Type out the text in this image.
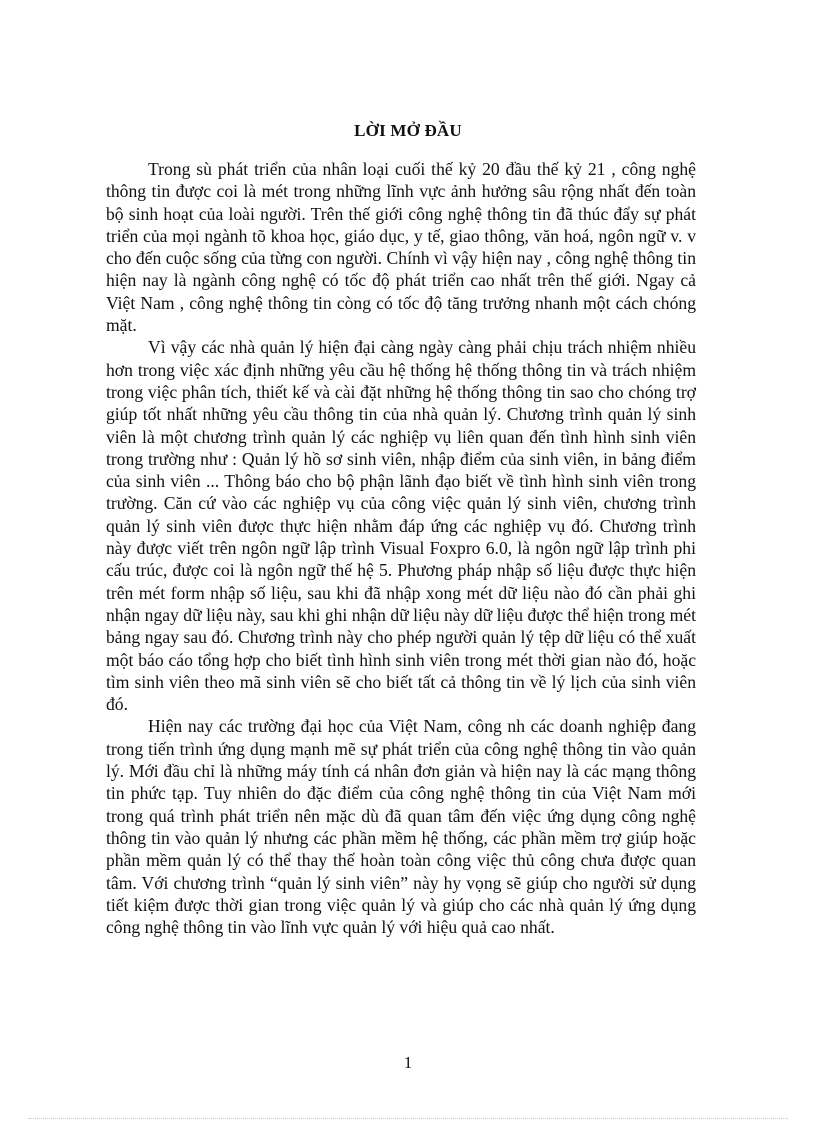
LỜI MỞ ĐẦU

Trong sù phát triển của nhân loại cuối thế kỷ 20 đầu thế kỷ 21 , công nghệ thông tin được coi là mét trong những lĩnh vực ảnh hưởng sâu rộng nhất đến toàn bộ sinh hoạt của loài người. Trên thế giới công nghệ thông tin đã thúc đẩy sự phát triển của mọi ngành tõ khoa học, giáo dục, y tế, giao thông, văn hoá, ngôn ngữ v. v cho đến cuộc sống của từng con người. Chính vì vậy hiện nay , công nghệ thông tin hiện nay là ngành công nghệ có tốc độ phát triển cao nhất trên thế giới. Ngay cả Việt Nam , công nghệ thông tin còng có tốc độ tăng trưởng nhanh một cách chóng mặt.

Vì vậy các nhà quản lý hiện đại càng ngày càng phải chịu trách nhiệm nhiều hơn trong việc xác định những yêu cầu hệ thống hệ thống thông tin và trách nhiệm trong việc phân tích, thiết kế và cài đặt những hệ thống thông tin sao cho chóng trợ giúp tốt nhất những yêu cầu thông tin của nhà quản lý. Chương trình quản lý sinh viên là một chương trình quản lý các nghiệp vụ liên quan đến tình hình sinh viên trong trường như : Quản lý hồ sơ sinh viên, nhập điểm của sinh viên, in bảng điểm của sinh viên ... Thông báo cho bộ phận lãnh đạo biết về tình hình sinh viên trong trường. Căn cứ vào các nghiệp vụ của công việc quản lý sinh viên, chương trình quản lý sinh viên được thực hiện nhằm đáp ứng các nghiệp vụ đó. Chương trình này được viết trên ngôn ngữ lập trình Visual Foxpro 6.0, là ngôn ngữ lập trình phi cấu trúc, được coi là ngôn ngữ thế hệ 5. Phương pháp nhập số liệu được thực hiện trên mét form nhập số liệu, sau khi đã nhập xong mét dữ liệu nào đó cần phải ghi nhận ngay dữ liệu này, sau khi ghi nhận dữ liệu này dữ liệu được thể hiện trong mét bảng ngay sau đó. Chương trình này cho phép người quản lý tệp dữ liệu có thể xuất một báo cáo tổng hợp cho biết tình hình sinh viên trong mét thời gian nào đó, hoặc tìm sinh viên theo mã sinh viên sẽ cho biết tất cả thông tin về lý lịch của sinh viên đó.

Hiện nay các trường đại học của Việt Nam, công nh các doanh nghiệp đang trong tiến trình ứng dụng mạnh mẽ sự phát triển của công nghệ thông tin vào quản lý. Mới đầu chỉ là những máy tính cá nhân đơn giản và hiện nay là các mạng thông tin phức tạp. Tuy nhiên do đặc điểm của công nghệ thông tin của Việt Nam mới trong quá trình phát triển nên mặc dù đã quan tâm đến việc ứng dụng công nghệ thông tin vào quản lý nhưng các phần mềm hệ thống, các phần mềm trợ giúp hoặc phần mềm quản lý có thể thay thế hoàn toàn công việc thủ công chưa được quan tâm. Với chương trình “quản lý sinh viên” này hy vọng sẽ giúp cho người sử dụng tiết kiệm được thời gian trong việc quản lý và giúp cho các nhà quản lý ứng dụng công nghệ thông tin vào lĩnh vực quản lý với hiệu quả cao nhất.

1
